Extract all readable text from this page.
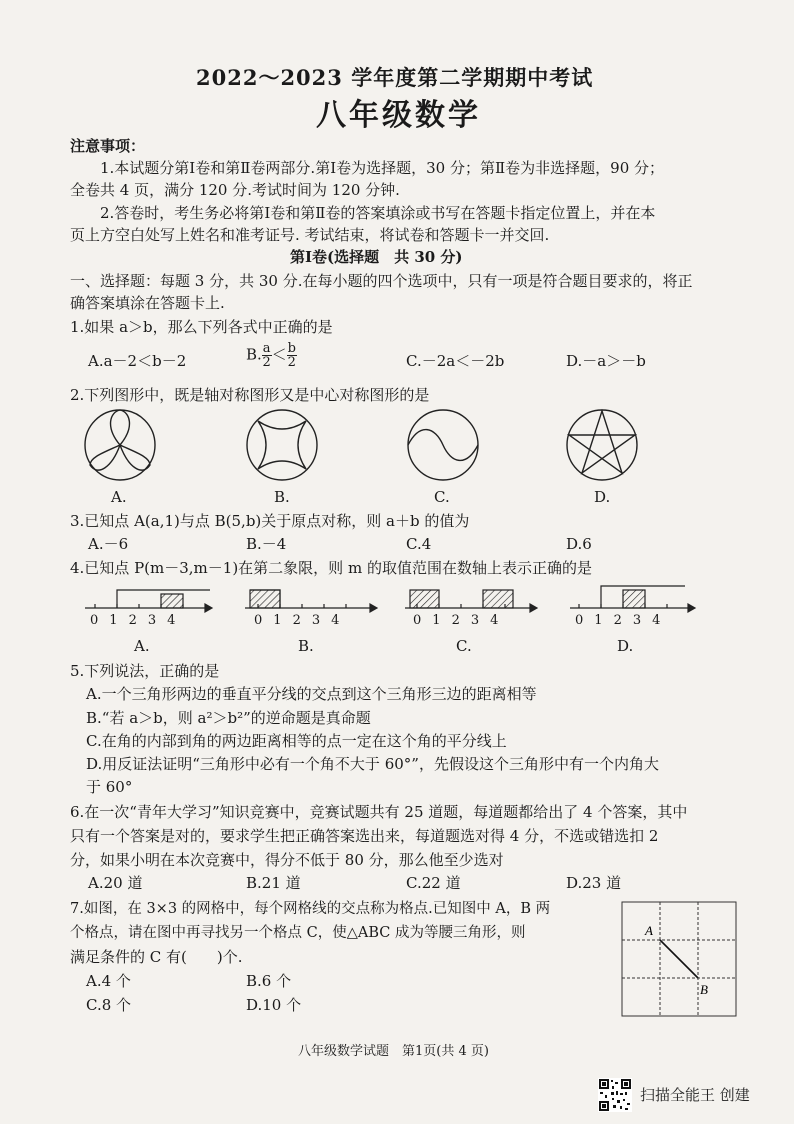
2022～2023 学年度第二学期期中考试
八年级数学
注意事项：
1.本试题分第Ⅰ卷和第Ⅱ卷两部分.第Ⅰ卷为选择题，30 分；第Ⅱ卷为非选择题，90 分；
全卷共 4 页，满分 120 分.考试时间为 120 分钟.
2.答卷时，考生务必将第Ⅰ卷和第Ⅱ卷的答案填涂或书写在答题卡指定位置上，并在本
页上方空白处写上姓名和准考证号. 考试结束，将试卷和答题卡一并交回.
第Ⅰ卷(选择题　共 30 分)
一、选择题：每题 3 分，共 30 分.在每小题的四个选项中，只有一项是符合题目要求的，将正
确答案填涂在答题卡上.
1.如果 a＞b，那么下列各式中正确的是
A.a－2＜b－2	B. $\frac{a}{2} < \frac{b}{2}$	C.－2a＜－2b	D.－a＞－b
2.下列图形中，既是轴对称图形又是中心对称图形的是
A.	B.	C.	D.
3.已知点 A(a,1)与点 B(5,b)关于原点对称，则 a＋b 的值为
A.－6	B.－4	C.4	D.6
4.已知点 P(m－3,m－1)在第二象限，则 m 的取值范围在数轴上表示正确的是
01234	01234	01234	01234
A.	B.	C.	D.
5.下列说法，正确的是
A.一个三角形两边的垂直平分线的交点到这个三角形三边的距离相等
B.“若 a＞b，则 a²＞b²”的逆命题是真命题
C.在角的内部到角的两边距离相等的点一定在这个角的平分线上
D.用反证法证明“三角形中必有一个角不大于 60°”，先假设这个三角形中有一个内角大
于 60°
6.在一次“青年大学习”知识竞赛中，竞赛试题共有 25 道题，每道题都给出了 4 个答案，其中
只有一个答案是对的，要求学生把正确答案选出来，每道题选对得 4 分，不选或错选扣 2
分，如果小明在本次竞赛中，得分不低于 80 分，那么他至少选对
A.20 道	B.21 道	C.22 道	D.23 道
7.如图，在 3×3 的网格中，每个网格线的交点称为格点.已知图中 A，B 两
个格点，请在图中再寻找另一个格点 C，使△ABC 成为等腰三角形，则
满足条件的 C 有(　　)个.
A.4 个	B.6 个
C.8 个	D.10 个
A
B
八年级数学试题　第1页(共 4 页)
扫描全能王 创建
